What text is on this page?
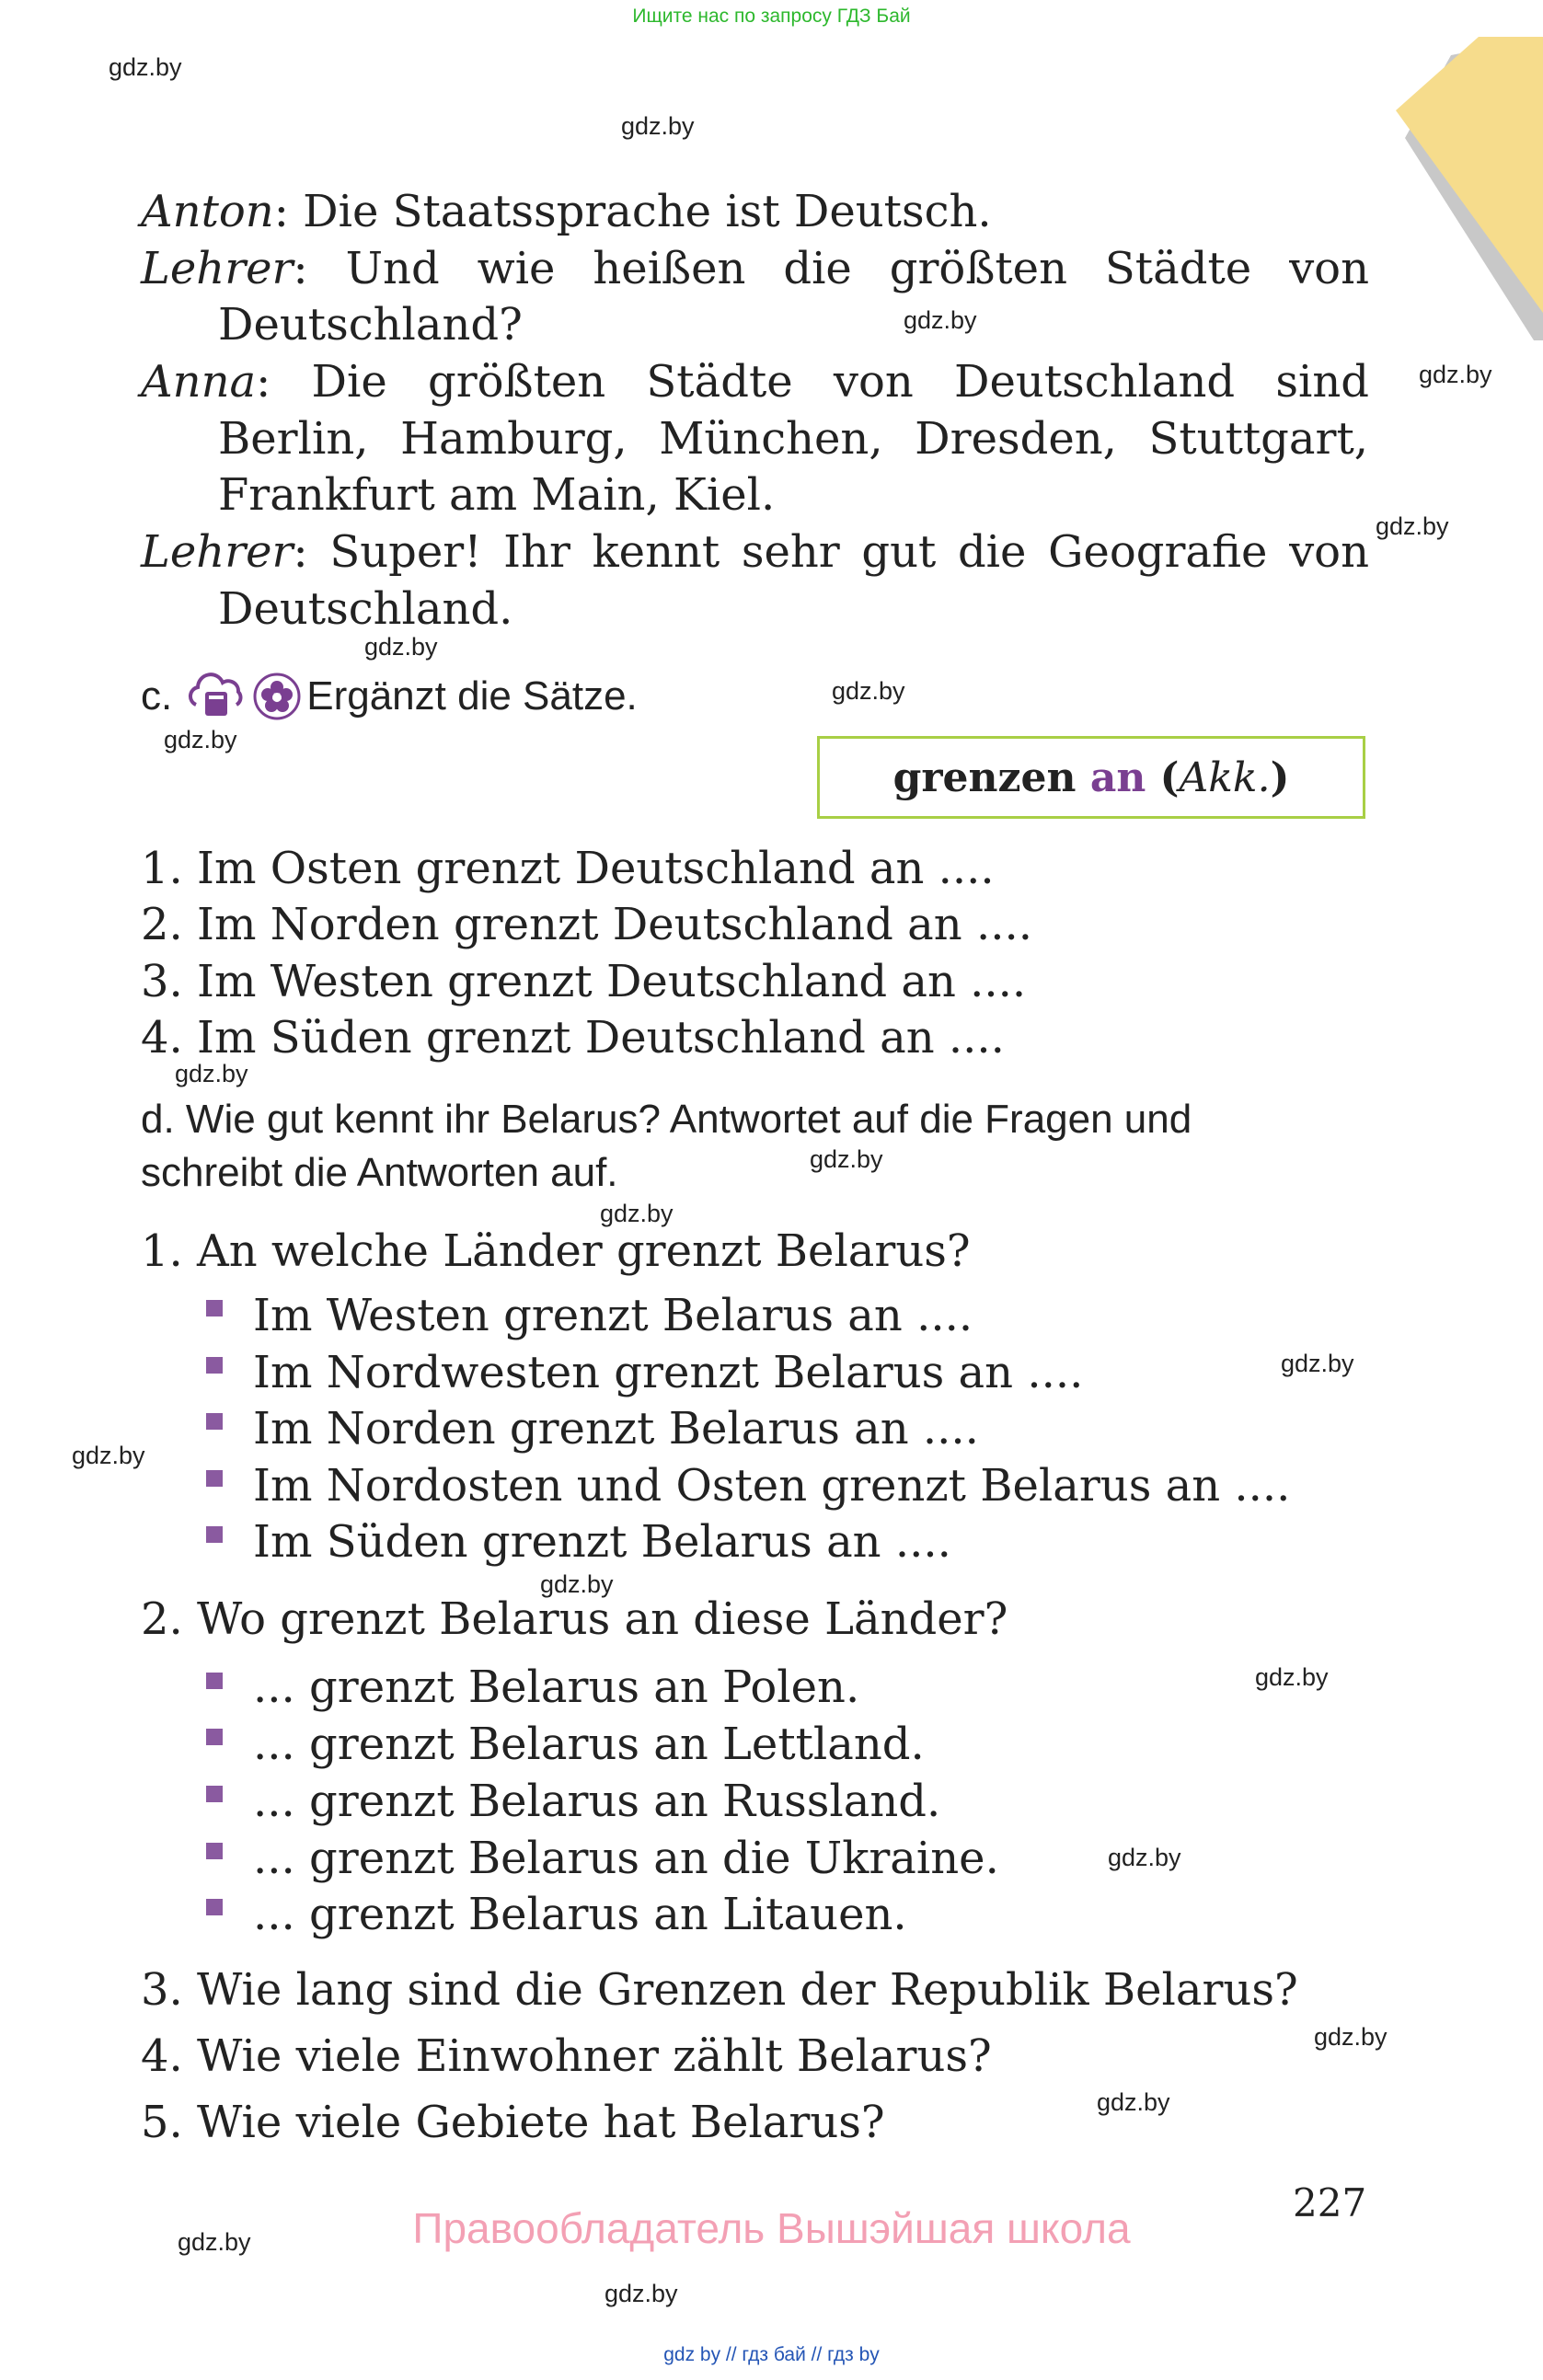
Ищите нас по запросу ГДЗ Бай
gdz.by
gdz.by
gdz.by
gdz.by
gdz.by
gdz.by
gdz.by
gdz.by
gdz.by
gdz.by
gdz.by
gdz.by
gdz.by
gdz.by
gdz.by
gdz.by
gdz.by
gdz.by
gdz.by
gdz.by
Anton: Die Staatssprache ist Deutsch.
Lehrer: Und wie heißen die größten Städte von
Deutschland?
Anna: Die größten Städte von Deutschland sind
Berlin, Hamburg, München, Dresden, Stuttgart,
Frankfurt am Main, Kiel.
Lehrer: Super! Ihr kennt sehr gut die Geografie von
Deutschland.
c.	Ergänzt die Sätze.
grenzen
an
( Akk. )
1. Im Osten grenzt Deutschland an ....
2. Im Norden grenzt Deutschland an ....
3. Im Westen grenzt Deutschland an ....
4. Im Süden grenzt Deutschland an ....
d. Wie gut kennt ihr Belarus? Antwortet auf die Fragen und
schreibt die Antworten auf.
1. An welche Länder grenzt Belarus?
Im Westen grenzt Belarus an ....
Im Nordwesten grenzt Belarus an ....
Im Norden grenzt Belarus an ....
Im Nordosten und Osten grenzt Belarus an ....
Im Süden grenzt Belarus an ....
2. Wo grenzt Belarus an diese Länder?
... grenzt Belarus an Polen.
... grenzt Belarus an Lettland.
... grenzt Belarus an Russland.
... grenzt Belarus an die Ukraine.
... grenzt Belarus an Litauen.
3. Wie lang sind die Grenzen der Republik Belarus?
4. Wie viele Einwohner zählt Belarus?
5. Wie viele Gebiete hat Belarus?
227
Правообладатель Вышэйшая школа
gdz by // гдз бай // гдз by
